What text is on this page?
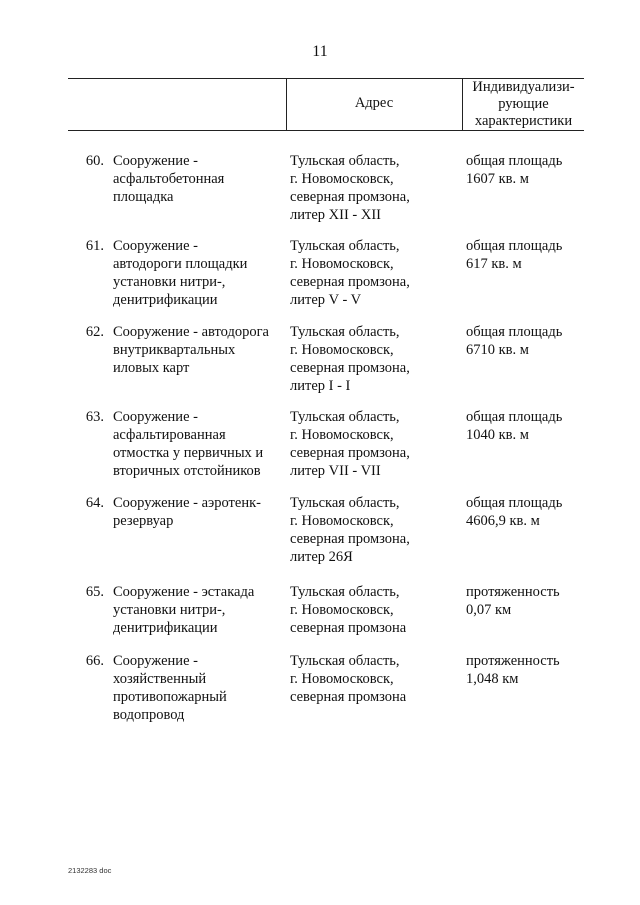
11
Адрес
Индивидуализи-
рующие
характеристики
60. Сооружение -
асфальтобетонная
площадка
Тульская область,
г. Новомосковск,
северная промзона,
литер XII - XII
общая площадь
1607 кв. м
61. Сооружение -
автодороги площадки
установки нитри-,
денитрификации
Тульская область,
г. Новомосковск,
северная промзона,
литер V - V
общая площадь
617 кв. м
62. Сооружение - автодорога
внутриквартальных
иловых карт
Тульская область,
г. Новомосковск,
северная промзона,
литер I - I
общая площадь
6710 кв. м
63. Сооружение -
асфальтированная
отмостка у первичных и
вторичных отстойников
Тульская область,
г. Новомосковск,
северная промзона,
литер VII - VII
общая площадь
1040 кв. м
64. Сооружение - аэротенк-
резервуар
Тульская область,
г. Новомосковск,
северная промзона,
литер 26Я
общая площадь
4606,9 кв. м
65. Сооружение - эстакада
установки нитри-,
денитрификации
Тульская область,
г. Новомосковск,
северная промзона
протяженность
0,07 км
66. Сооружение -
хозяйственный
противопожарный
водопровод
Тульская область,
г. Новомосковск,
северная промзона
протяженность
1,048 км
2132283 doc
